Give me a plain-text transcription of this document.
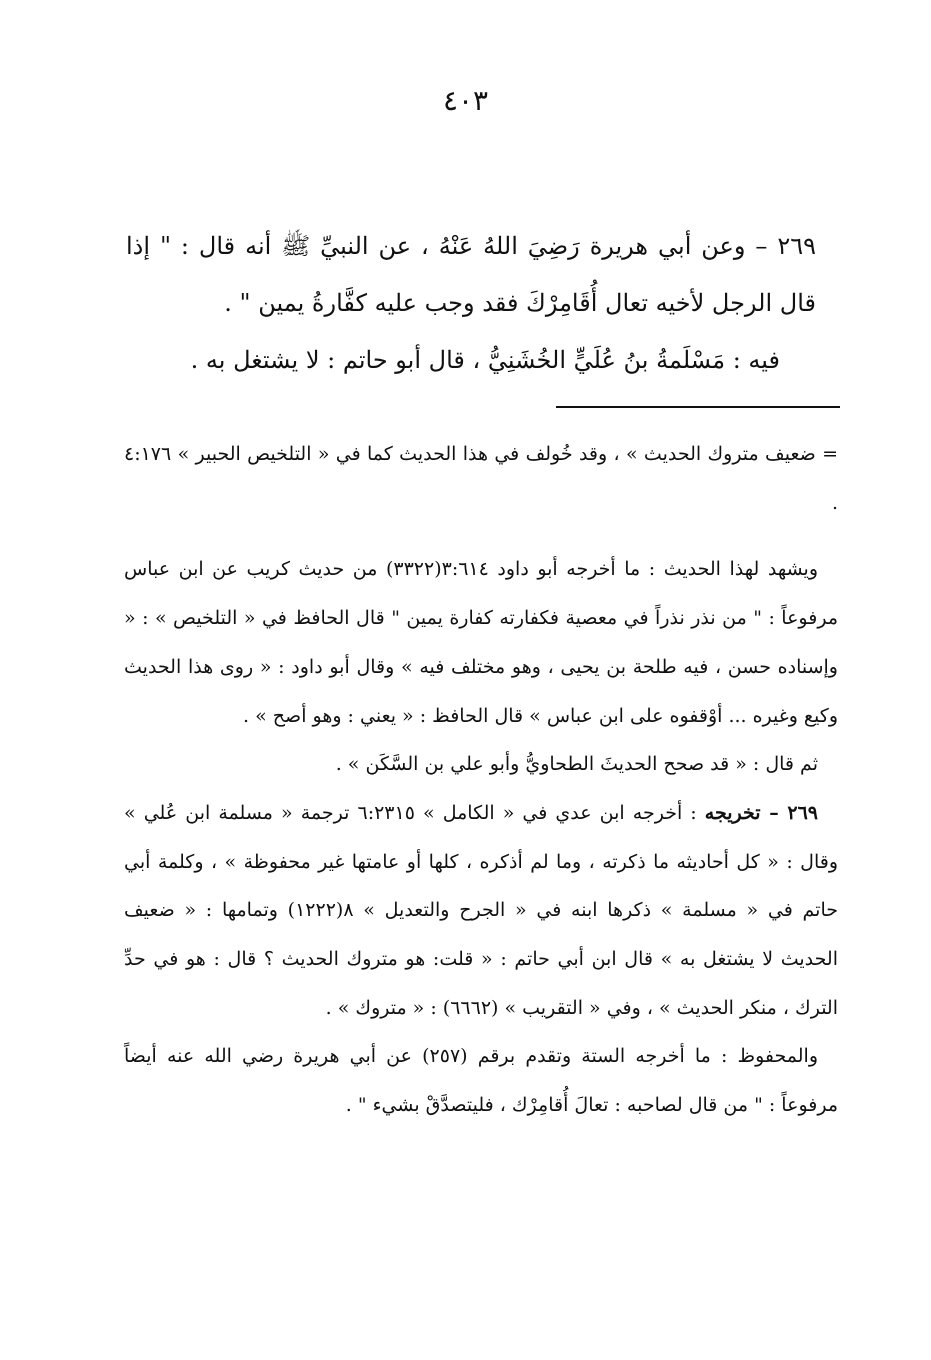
٤٠٣

٢٦٩ – وعن أبي هريرة رَضِيَ اللهُ عَنْهُ ، عن النبيِّ ﷺ أنه قال : " إذا قال الرجل لأخيه تعال أُقَامِرْكَ فقد وجب عليه كفَّارةُ يمين " .

فيه : مَسْلَمةُ بنُ عُلَيٍّ الخُشَنِيُّ ، قال أبو حاتم : لا يشتغل به .

= ضعيف متروك الحديث » ، وقد خُولف في هذا الحديث كما في « التلخيص الحبير » ٤:١٧٦ .

ويشهد لهذا الحديث : ما أخرجه أبو داود ٣:٦١٤(٣٣٢٢) من حديث كريب عن ابن عباس مرفوعاً : " من نذر نذراً في معصية فكفارته كفارة يمين " قال الحافظ في « التلخيص » : « وإسناده حسن ، فيه طلحة بن يحيى ، وهو مختلف فيه » وقال أبو داود : « روى هذا الحديث وكيع وغيره ... أوْقفوه على ابن عباس » قال الحافظ : « يعني : وهو أصح » .

ثم قال : « قد صحح الحديثَ الطحاويُّ وأبو علي بن السَّكَن » .

٢٦٩ – تخريجه : أخرجه ابن عدي في « الكامل » ٦:٢٣١٥ ترجمة « مسلمة ابن عُلي » وقال : « كل أحاديثه ما ذكرته ، وما لم أذكره ، كلها أو عامتها غير محفوظة » ، وكلمة أبي حاتم في « مسلمة » ذكرها ابنه في « الجرح والتعديل » ٨(١٢٢٢) وتمامها : « ضعيف الحديث لا يشتغل به » قال ابن أبي حاتم : « قلت: هو متروك الحديث ؟ قال : هو في حدِّ الترك ، منكر الحديث » ، وفي « التقريب » (٦٦٦٢) : « متروك » .

والمحفوظ : ما أخرجه الستة وتقدم برقم (٢٥٧) عن أبي هريرة رضي الله عنه أيضاً مرفوعاً : " من قال لصاحبه : تعالَ أُقامِرْك ، فليتصدَّقْ بشيء " .
